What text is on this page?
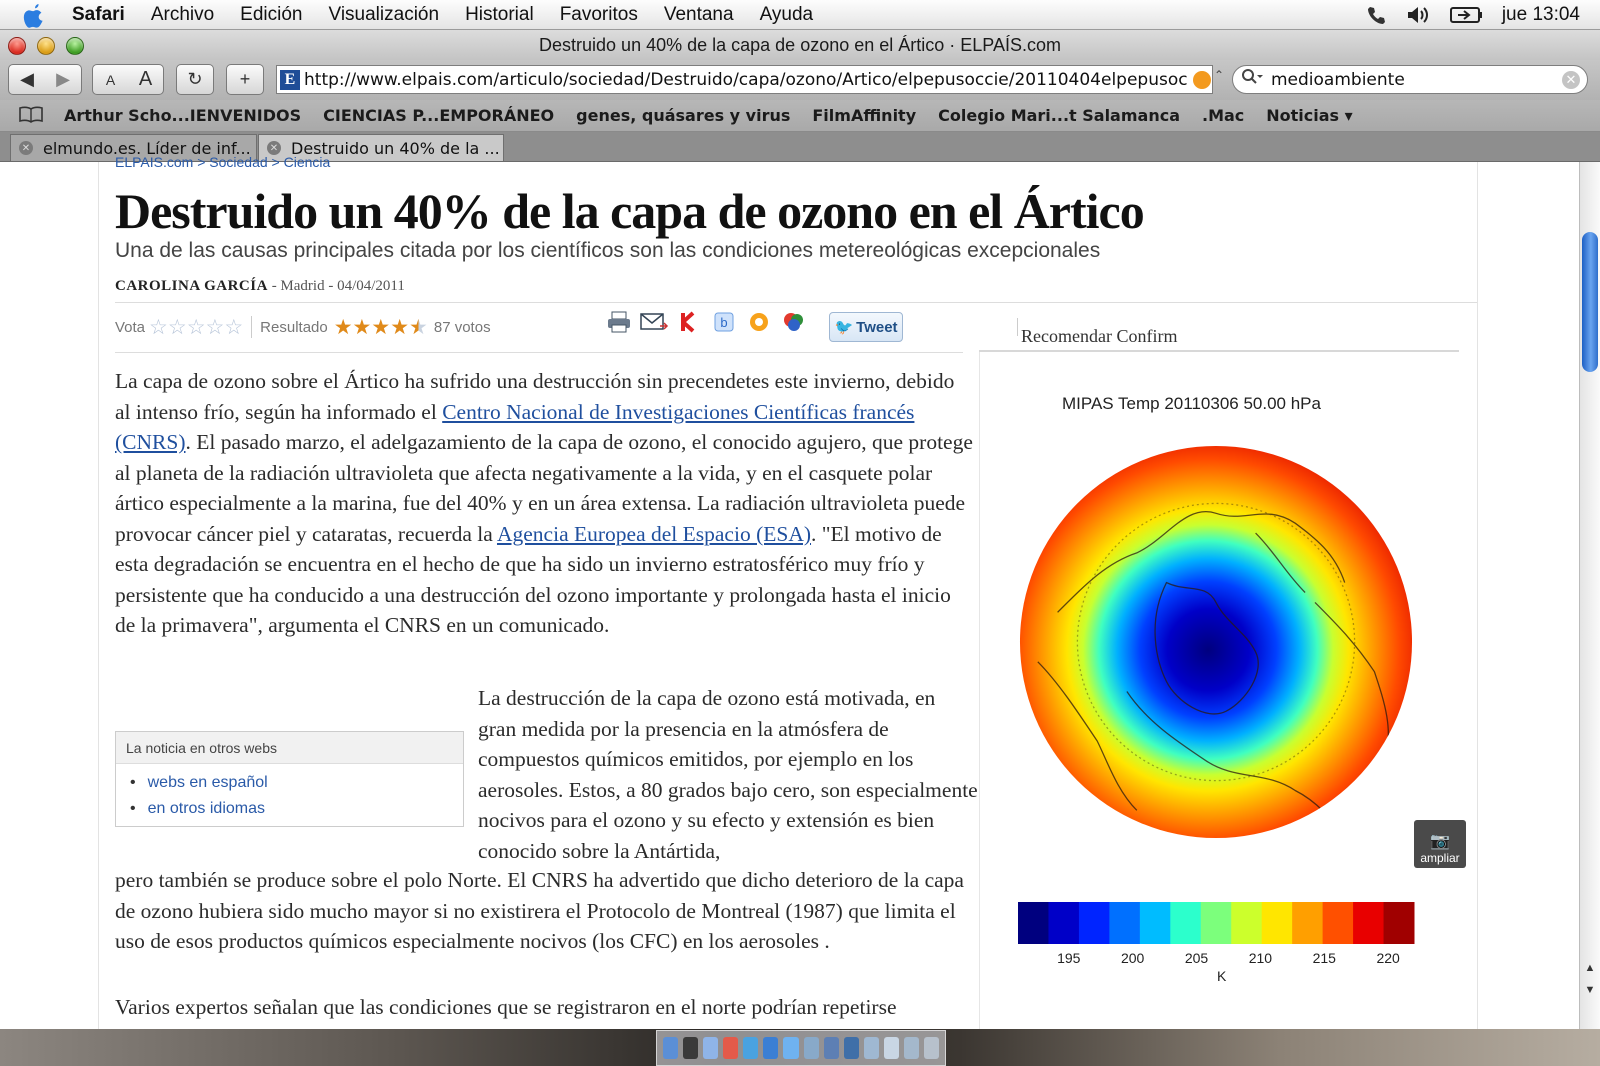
Safari Archivo Edición Visualización Historial Favoritos Ventana Ayuda	jue 13:04
Destruido un 40% de la capa de ozono en el Ártico · ELPAÍS.com
◀	▶	A	A	↻ + E http://www.elpais.com/articulo/sociedad/Destruido/capa/ozono/Artico/elpepusoccie/20110404elpepusoc ⌃	medioambiente	✕
Arthur Scho...IENVENIDOS CIENCIAS P...EMPORÁNEO genes, quásares y virus FilmAffinity Colegio Mari...t Salamanca .Mac Noticias ▾
✕ elmundo.es. Líder de inf... ✕ Destruido un 40% de la ...
ELPAIS.com > Sociedad > Ciencia
Destruido un 40% de la capa de ozono en el Ártico
Una de las causas principales citada por los científicos son las condiciones metereológicas excepcionales
CAROLINA GARCÍA - Madrid - 04/04/2011
Vota ☆☆☆☆☆ Resultado ★★★★★ 87 votos	b	🐦 Tweet	Recomendar Confirm

La capa de ozono sobre el Ártico ha sufrido una destrucción sin precendetes este invierno, debido al intenso frío, según ha informado el Centro Nacional de Investigaciones Científicas francés (CNRS). El pasado marzo, el adelgazamiento de la capa de ozono, el conocido agujero, que protege al planeta de la radiación ultravioleta que afecta negativamente a la vida, y en el casquete polar ártico especialmente a la marina, fue del 40% y en un área extensa. La radiación ultravioleta puede provocar cáncer piel y cataratas, recuerda la Agencia Europea del Espacio (ESA). "El motivo de esta degradación se encuentra en el hecho de que ha sido un invierno estratosférico muy frío y persistente que ha conducido a una destrucción del ozono importante y prolongada hasta el inicio de la primavera", argumenta el CNRS en un comunicado.

La noticia en otros webs
• webs en español
• en otros idiomas

La destrucción de la capa de ozono está motivada, en gran medida por la presencia en la atmósfera de compuestos químicos emitidos, por ejemplo en los aerosoles. Estos, a 80 grados bajo cero, son especialmente nocivos para el ozono y su efecto y extensión es bien conocido sobre la Antártida,

pero también se produce sobre el polo Norte. El CNRS ha advertido que dicho deterioro de la capa de ozono hubiera sido mucho mayor si no existirera el Protocolo de Montreal (1987) que limita el uso de esos productos químicos especialmente nocivos (los CFC) en los aerosoles .

Varios expertos señalan que las condiciones que se registraron en el norte podrían repetirse

MIPAS Temp 20110306 50.00 hPa
195	200	205	210	215	220
K
📷
ampliar
▲
▼
